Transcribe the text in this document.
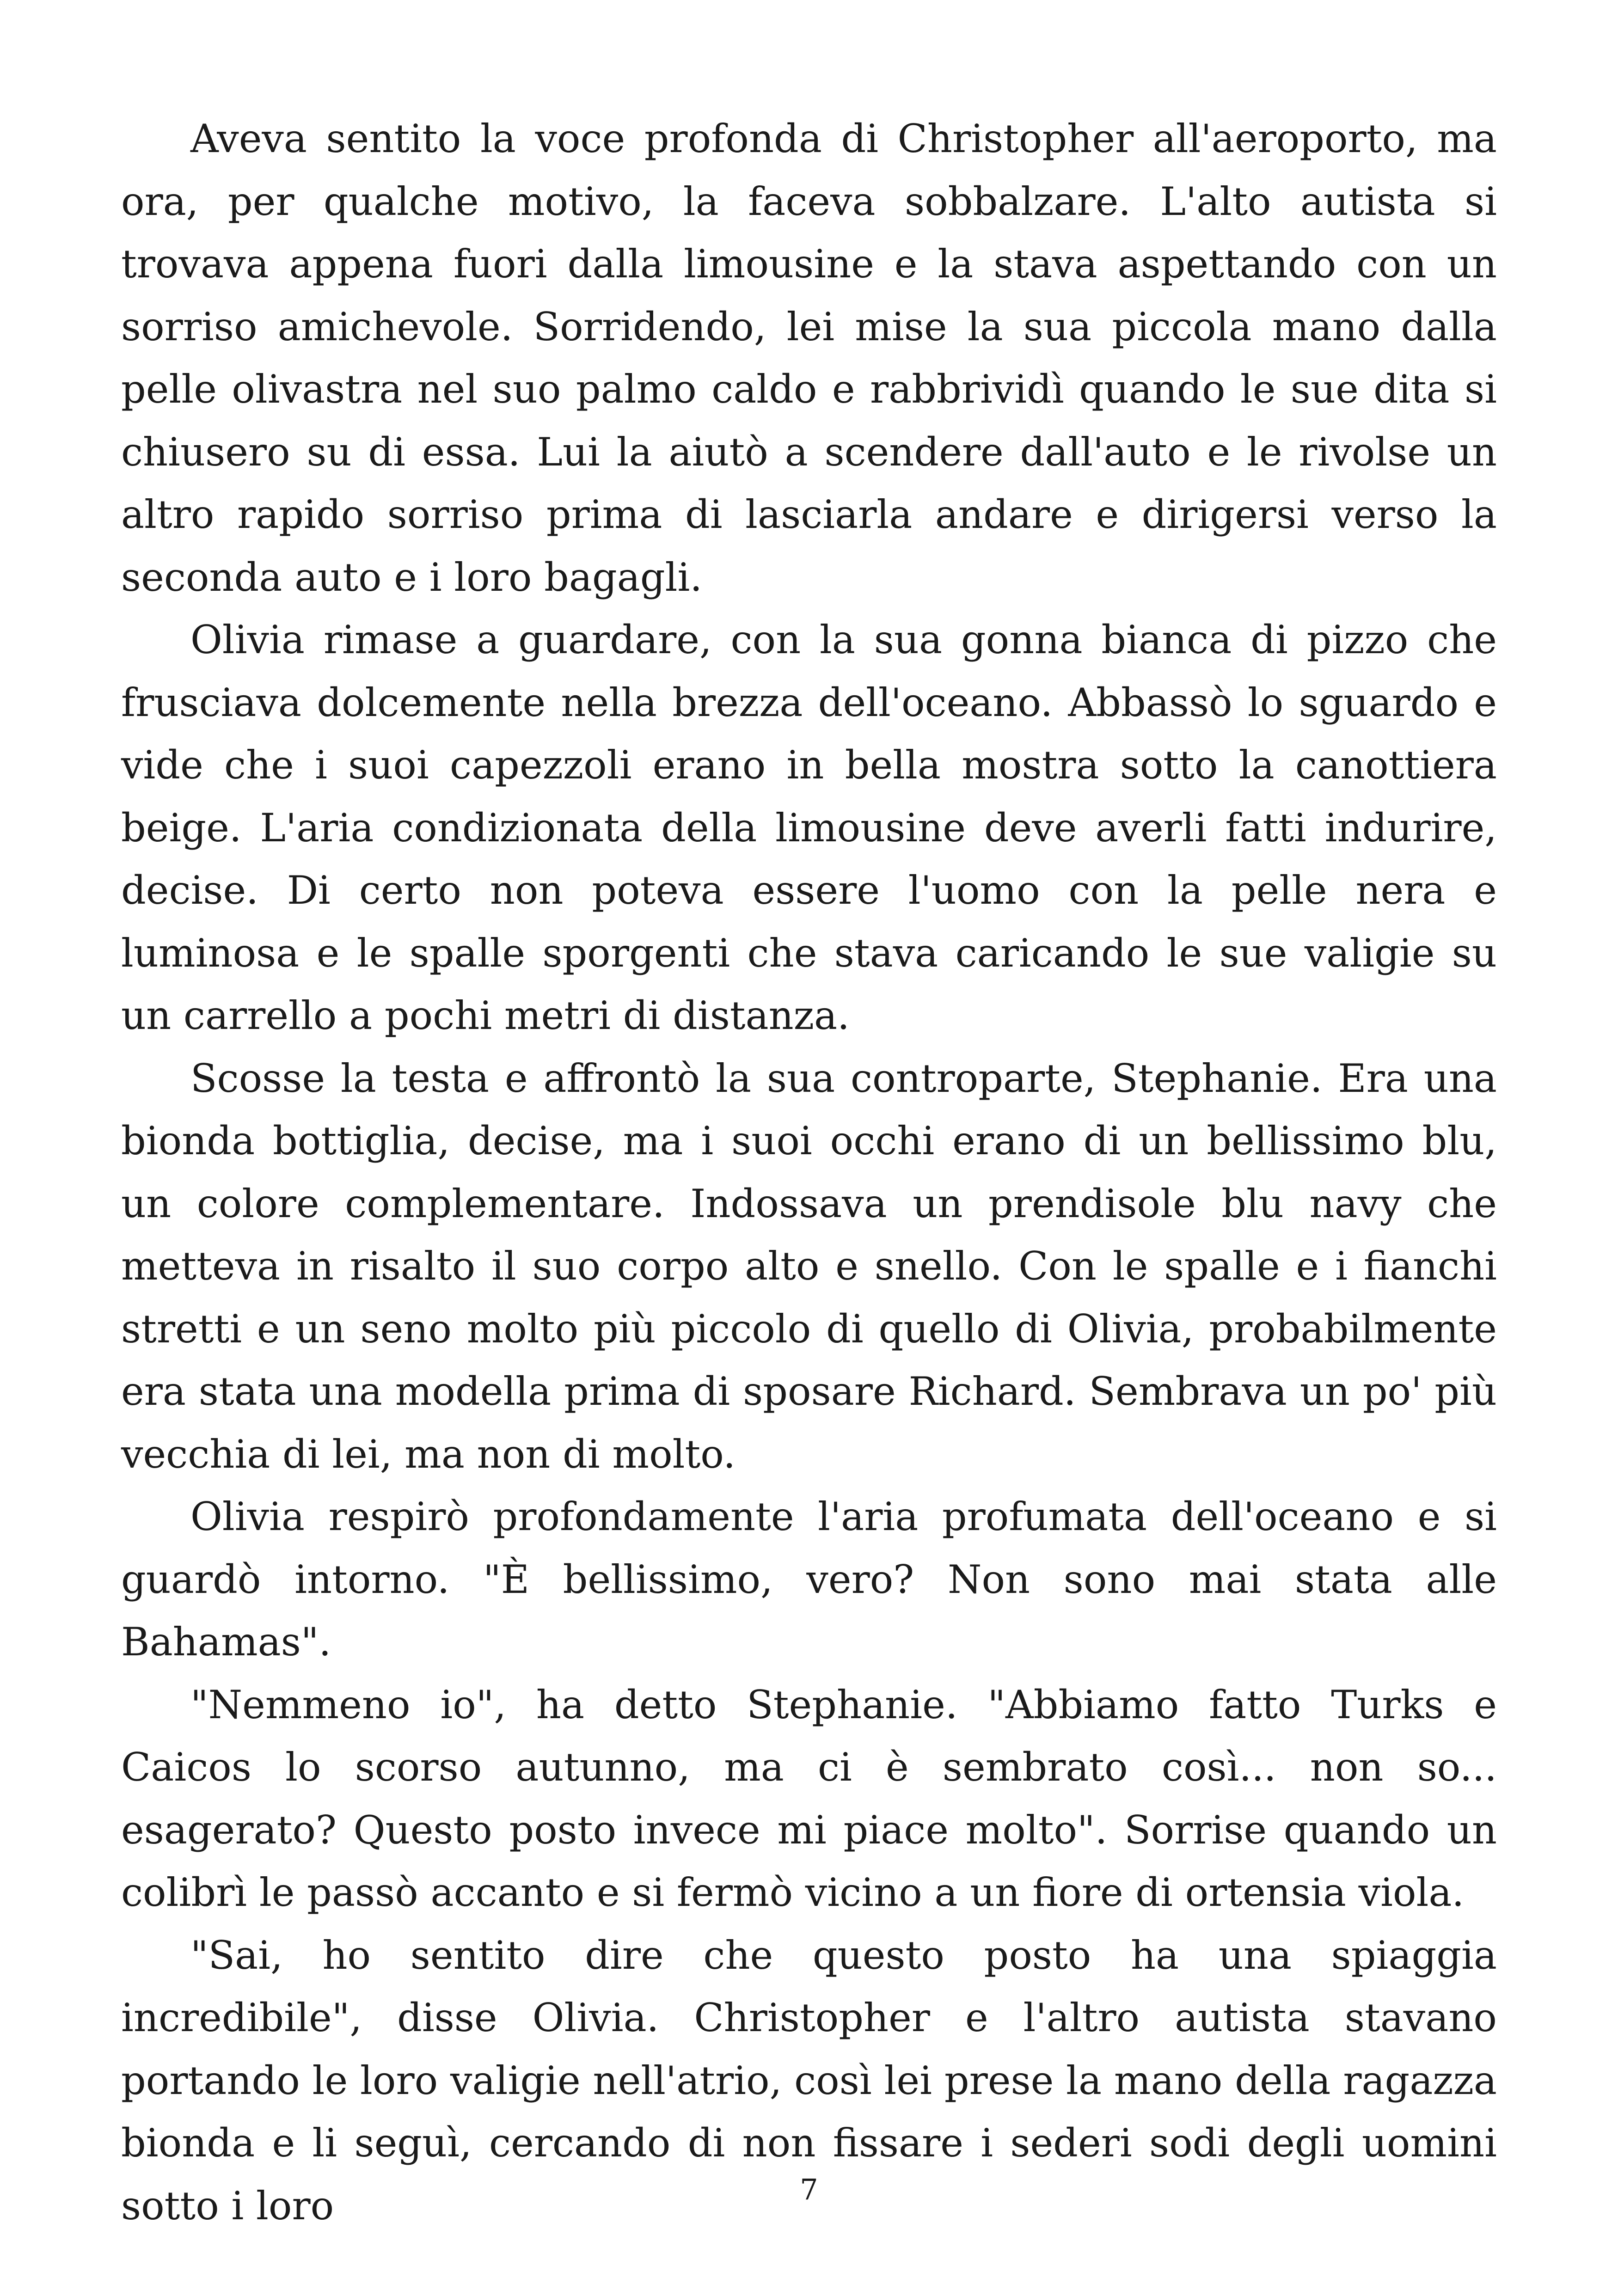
Aveva sentito la voce profonda di Christopher all'aeroporto, ma ora, per qualche motivo, la faceva sobbalzare. L'alto autista si trovava appena fuori dalla limousine e la stava aspettando con un sorriso amichevole. Sorridendo, lei mise la sua piccola mano dalla pelle olivastra nel suo palmo caldo e rabbrividì quando le sue dita si chiusero su di essa. Lui la aiutò a scendere dall'auto e le rivolse un altro rapido sorriso prima di lasciarla andare e dirigersi verso la seconda auto e i loro bagagli.

Olivia rimase a guardare, con la sua gonna bianca di pizzo che frusciava dolcemente nella brezza dell'oceano. Abbassò lo sguardo e vide che i suoi capezzoli erano in bella mostra sotto la canottiera beige. L'aria condizionata della limousine deve averli fatti indurire, decise. Di certo non poteva essere l'uomo con la pelle nera e luminosa e le spalle sporgenti che stava caricando le sue valigie su un carrello a pochi metri di distanza.

Scosse la testa e affrontò la sua controparte, Stephanie. Era una bionda bottiglia, decise, ma i suoi occhi erano di un bellissimo blu, un colore complementare. Indossava un prendisole blu navy che metteva in risalto il suo corpo alto e snello. Con le spalle e i fianchi stretti e un seno molto più piccolo di quello di Olivia, probabilmente era stata una modella prima di sposare Richard. Sembrava un po' più vecchia di lei, ma non di molto.

Olivia respirò profondamente l'aria profumata dell'oceano e si guardò intorno. "È bellissimo, vero? Non sono mai stata alle Bahamas".

"Nemmeno io", ha detto Stephanie. "Abbiamo fatto Turks e Caicos lo scorso autunno, ma ci è sembrato così... non so... esagerato? Questo posto invece mi piace molto". Sorrise quando un colibrì le passò accanto e si fermò vicino a un fiore di ortensia viola.

"Sai, ho sentito dire che questo posto ha una spiaggia incredibile", disse Olivia. Christopher e l'altro autista stavano portando le loro valigie nell'atrio, così lei prese la mano della ragazza bionda e li seguì, cercando di non fissare i sederi sodi degli uomini sotto i loro	7
